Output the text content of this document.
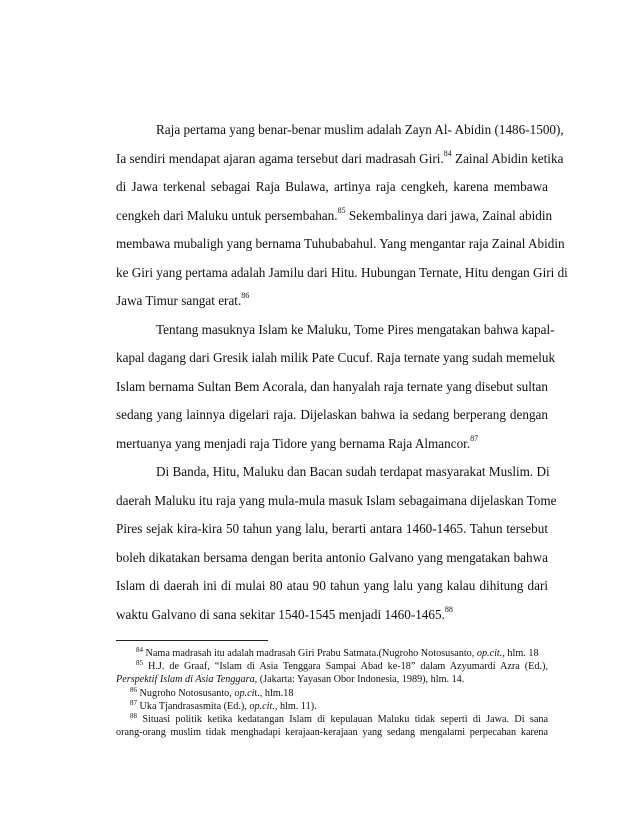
Raja pertama yang benar-benar muslim adalah Zayn Al- Abidin (1486-1500),
Ia sendiri mendapat ajaran agama tersebut dari madrasah Giri.$^{84}$ Zainal Abidin ketika
di Jawa terkenal sebagai Raja Bulawa, artinya raja cengkeh, karena membawa
cengkeh dari Maluku untuk persembahan.$^{85}$ Sekembalinya dari jawa, Zainal abidin
membawa mubaligh yang bernama Tuhubabahul. Yang mengantar raja Zainal Abidin
ke Giri yang pertama adalah Jamilu dari Hitu. Hubungan Ternate, Hitu dengan Giri di
Jawa Timur sangat erat.$^{86}$

Tentang masuknya Islam ke Maluku, Tome Pires mengatakan bahwa kapal-
kapal dagang dari Gresik ialah milik Pate Cucuf. Raja ternate yang sudah memeluk
Islam bernama Sultan Bem Acorala, dan hanyalah raja ternate yang disebut sultan
sedang yang lainnya digelari raja. Dijelaskan bahwa ia sedang berperang dengan
mertuanya yang menjadi raja Tidore yang bernama Raja Almancor.$^{87}$

Di Banda, Hitu, Maluku dan Bacan sudah terdapat masyarakat Muslim. Di
daerah Maluku itu raja yang mula-mula masuk Islam sebagaimana dijelaskan Tome
Pires sejak kira-kira 50 tahun yang lalu, berarti antara 1460-1465. Tahun tersebut
boleh dikatakan bersama dengan berita antonio Galvano yang mengatakan bahwa
Islam di daerah ini di mulai 80 atau 90 tahun yang lalu yang kalau dihitung dari
waktu Galvano di sana sekitar 1540-1545 menjadi 1460-1465.88

$^{84}$ Nama madrasah itu adalah madrasah Giri Prabu Satmata.(Nugroho Notosusanto, op.cit., hlm. 18
$^{85}$ H.J. de Graaf, “Islam di Asia Tenggara Sampai Abad ke-18” dalam Azyumardi Azra (Ed.),
Perspektif Islam di Asia Tenggara, (Jakarta: Yayasan Obor Indonesia, 1989), hlm. 14.
$^{86}$ Nugroho Notosusanto, op.cit., hlm.18
$^{87}$ Uka Tjandrasasmita (Ed.), op.cit., hlm. 11).
$^{88}$ Situasi politik ketika kedatangan Islam di kepulauan Maluku tidak seperti di Jawa. Di sana
orang-orang muslim tidak menghadapi kerajaan-kerajaan yang sedang mengalami perpecahan karena
